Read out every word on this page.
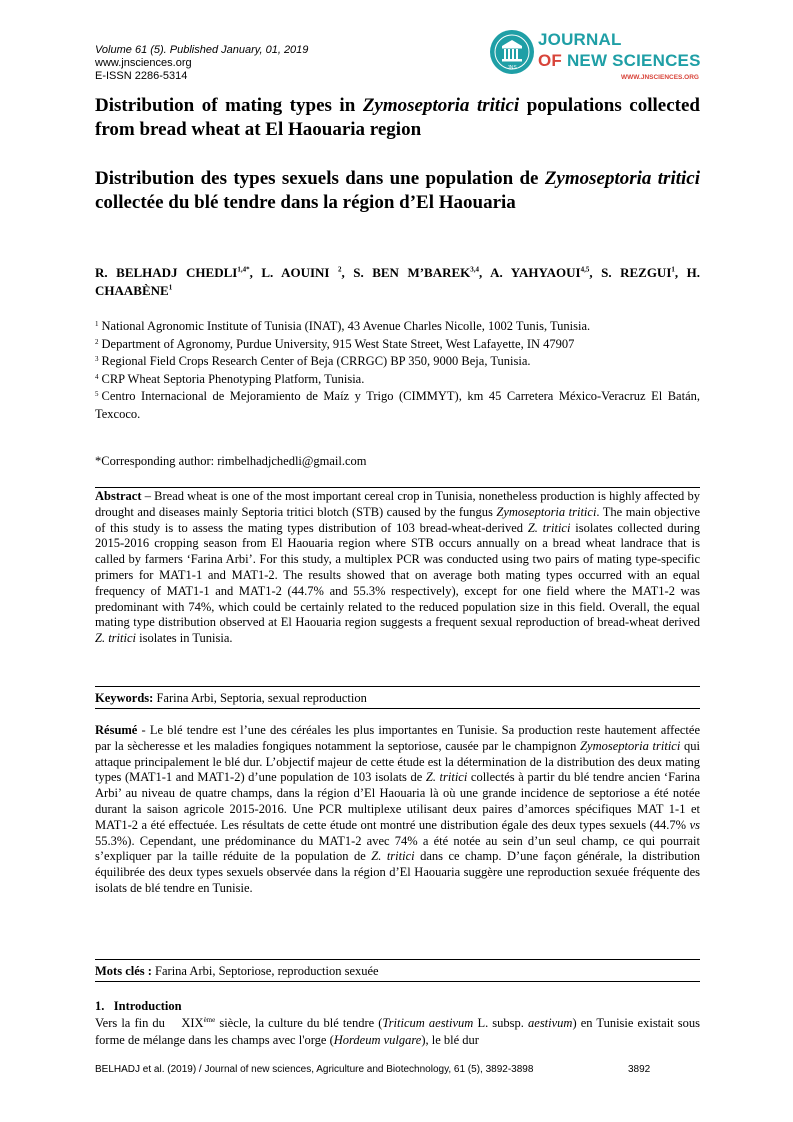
Volume 61 (5). Published January, 01, 2019
www.jnsciences.org
E-ISSN 2286-5314
JNS
JOURNAL
OF NEW SCIENCES
WWW.JNSCIENCES.ORG
Distribution of mating types in Zymoseptoria tritici populations collected from bread wheat at El Haouaria region
Distribution des types sexuels dans une population de Zymoseptoria tritici collectée du blé tendre dans la région d’El Haouaria
R. BELHADJ $CHEDLI^{1,4*}$, L. AOUINI $^2$, S. BEN M’BAREK$^{3,4}$, A. YAHYAOUI$^{4,5}$, S. REZGUI$^1$, H. CHAABÈNE$^1$
$^1$ National Agronomic Institute of Tunisia (INAT), 43 Avenue Charles Nicolle, 1002 Tunis, Tunisia.
$^2$ Department of Agronomy, Purdue University, 915 West State Street, West Lafayette, IN 47907
$^3$ Regional Field Crops Research Center of Beja (CRRGC) BP 350, 9000 Beja, Tunisia.
$^4$ CRP Wheat Septoria Phenotyping Platform, Tunisia.
$^5$ Centro Internacional de Mejoramiento de Maíz y Trigo (CIMMYT), km 45 Carretera México-Veracruz El Batán, Texcoco.
*Corresponding author: rimbelhadjchedli@gmail.com
Abstract – Bread wheat is one of the most important cereal crop in Tunisia, nonetheless production is highly affected by drought and diseases mainly Septoria tritici blotch (STB) caused by the fungus Zymoseptoria tritici. The main objective of this study is to assess the mating types distribution of 103 bread-wheat-derived Z. tritici isolates collected during 2015-2016 cropping season from El Haouaria region where STB occurs annually on a bread wheat landrace that is called by farmers ‘Farina Arbi’. For this study, a multiplex PCR was conducted using two pairs of mating type-specific primers for MAT1-1 and MAT1-2. The results showed that on average both mating types occurred with an equal frequency of MAT1-1 and MAT1-2 (44.7% and 55.3% respectively), except for one field where the MAT1-2 was predominant with 74%, which could be certainly related to the reduced population size in this field. Overall, the equal mating type distribution observed at El Haouaria region suggests a frequent sexual reproduction of bread-wheat derived Z. tritici isolates in Tunisia.
Keywords: Farina Arbi, Septoria, sexual reproduction
Résumé - Le blé tendre est l’une des céréales les plus importantes en Tunisie. Sa production reste hautement affectée par la sècheresse et les maladies fongiques notamment la septoriose, causée par le champignon Zymoseptoria tritici qui attaque principalement le blé dur. L’objectif majeur de cette étude est la détermination de la distribution des deux mating types (MAT1-1 and MAT1-2) d’une population de 103 isolats de Z. tritici collectés à partir du blé tendre ancien ‘Farina Arbi’ au niveau de quatre champs, dans la région d’El Haouaria là où une grande incidence de septoriose a été notée durant la saison agricole 2015-2016. Une PCR multiplexe utilisant deux paires d’amorces spécifiques MAT 1-1 et MAT1-2 a été effectuée. Les résultats de cette étude ont montré une distribution égale des deux types sexuels (44.7% vs 55.3%). Cependant, une prédominance du MAT1-2 avec 74% a été notée au sein d’un seul champ, ce qui pourrait s’expliquer par la taille réduite de la population de Z. tritici dans ce champ. D’une façon générale, la distribution équilibrée des deux types sexuels observée dans la région d’El Haouaria suggère une reproduction sexuée fréquente des isolats de blé tendre en Tunisie.
Mots clés : Farina Arbi, Septoriose, reproduction sexuée
1.   Introduction
Vers la fin du    XIXème siècle, la culture du blé tendre (Triticum aestivum L. subsp. aestivum) en Tunisie existait sous forme de mélange dans les champs avec l'orge (Hordeum vulgare), le blé dur
BELHADJ et al. (2019) / Journal of new sciences, Agriculture and Biotechnology, 61 (5), 3892-3898	3892
